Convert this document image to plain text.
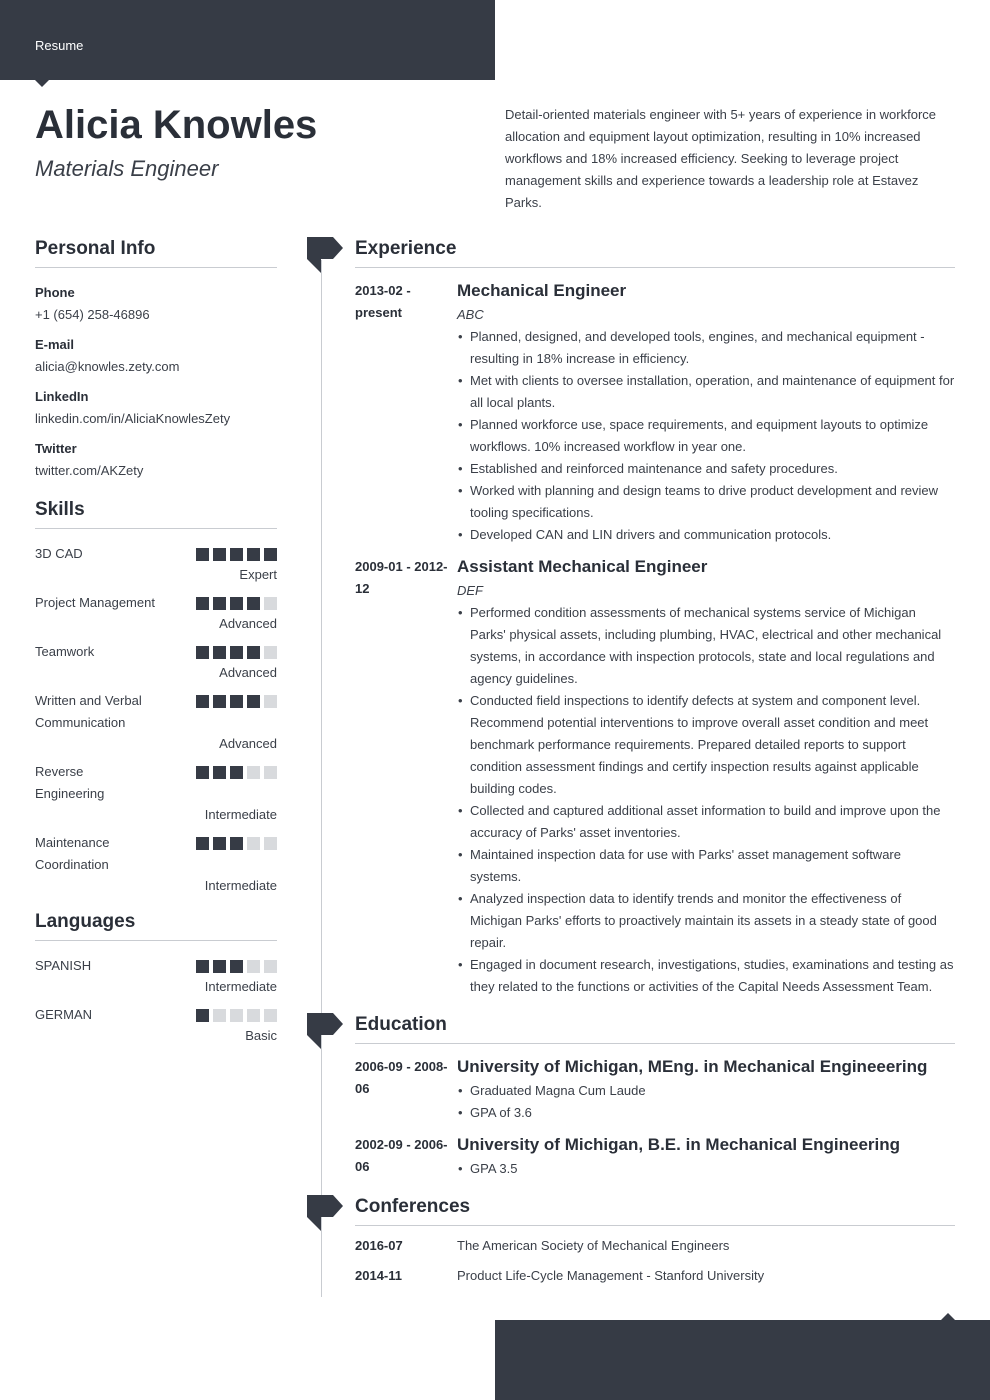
Resume
Alicia Knowles
Materials Engineer
Detail-oriented materials engineer with 5+ years of experience in workforce allocation and equipment layout optimization, resulting in 10% increased workflows and 18% increased efficiency. Seeking to leverage project management skills and experience towards a leadership role at Estavez Parks.
Personal Info
Phone
+1 (654) 258-46896
E-mail
alicia@knowles.zety.com
LinkedIn
linkedin.com/in/AliciaKnowlesZety
Twitter
twitter.com/AKZety
Skills
3D CAD
Expert
Project Management
Advanced
Teamwork
Advanced
Written and Verbal Communication
Advanced
Reverse Engineering
Intermediate
Maintenance Coordination
Intermediate
Languages
SPANISH
Intermediate
GERMAN
Basic
Experience
2013-02 - present
Mechanical Engineer
ABC
• Planned, designed, and developed tools, engines, and mechanical equipment - resulting in 18% increase in efficiency.
• Met with clients to oversee installation, operation, and maintenance of equipment for all local plants.
• Planned workforce use, space requirements, and equipment layouts to optimize workflows. 10% increased workflow in year one.
• Established and reinforced maintenance and safety procedures.
• Worked with planning and design teams to drive product development and review tooling specifications.
• Developed CAN and LIN drivers and communication protocols.
2009-01 - 2012-12
Assistant Mechanical Engineer
DEF
• Performed condition assessments of mechanical systems service of Michigan Parks' physical assets, including plumbing, HVAC, electrical and other mechanical systems, in accordance with inspection protocols, state and local regulations and agency guidelines.
• Conducted field inspections to identify defects at system and component level. Recommend potential interventions to improve overall asset condition and meet benchmark performance requirements. Prepared detailed reports to support condition assessment findings and certify inspection results against applicable building codes.
• Collected and captured additional asset information to build and improve upon the accuracy of Parks' asset inventories.
• Maintained inspection data for use with Parks' asset management software systems.
• Analyzed inspection data to identify trends and monitor the effectiveness of Michigan Parks' efforts to proactively maintain its assets in a steady state of good repair.
• Engaged in document research, investigations, studies, examinations and testing as they related to the functions or activities of the Capital Needs Assessment Team.
Education
2006-09 - 2008-06
University of Michigan, MEng. in Mechanical Engineeering
• Graduated Magna Cum Laude
• GPA of 3.6
2002-09 - 2006-06
University of Michigan, B.E. in Mechanical Engineering
• GPA 3.5
Conferences
2016-07	The American Society of Mechanical Engineers
2014-11	Product Life-Cycle Management - Stanford University
